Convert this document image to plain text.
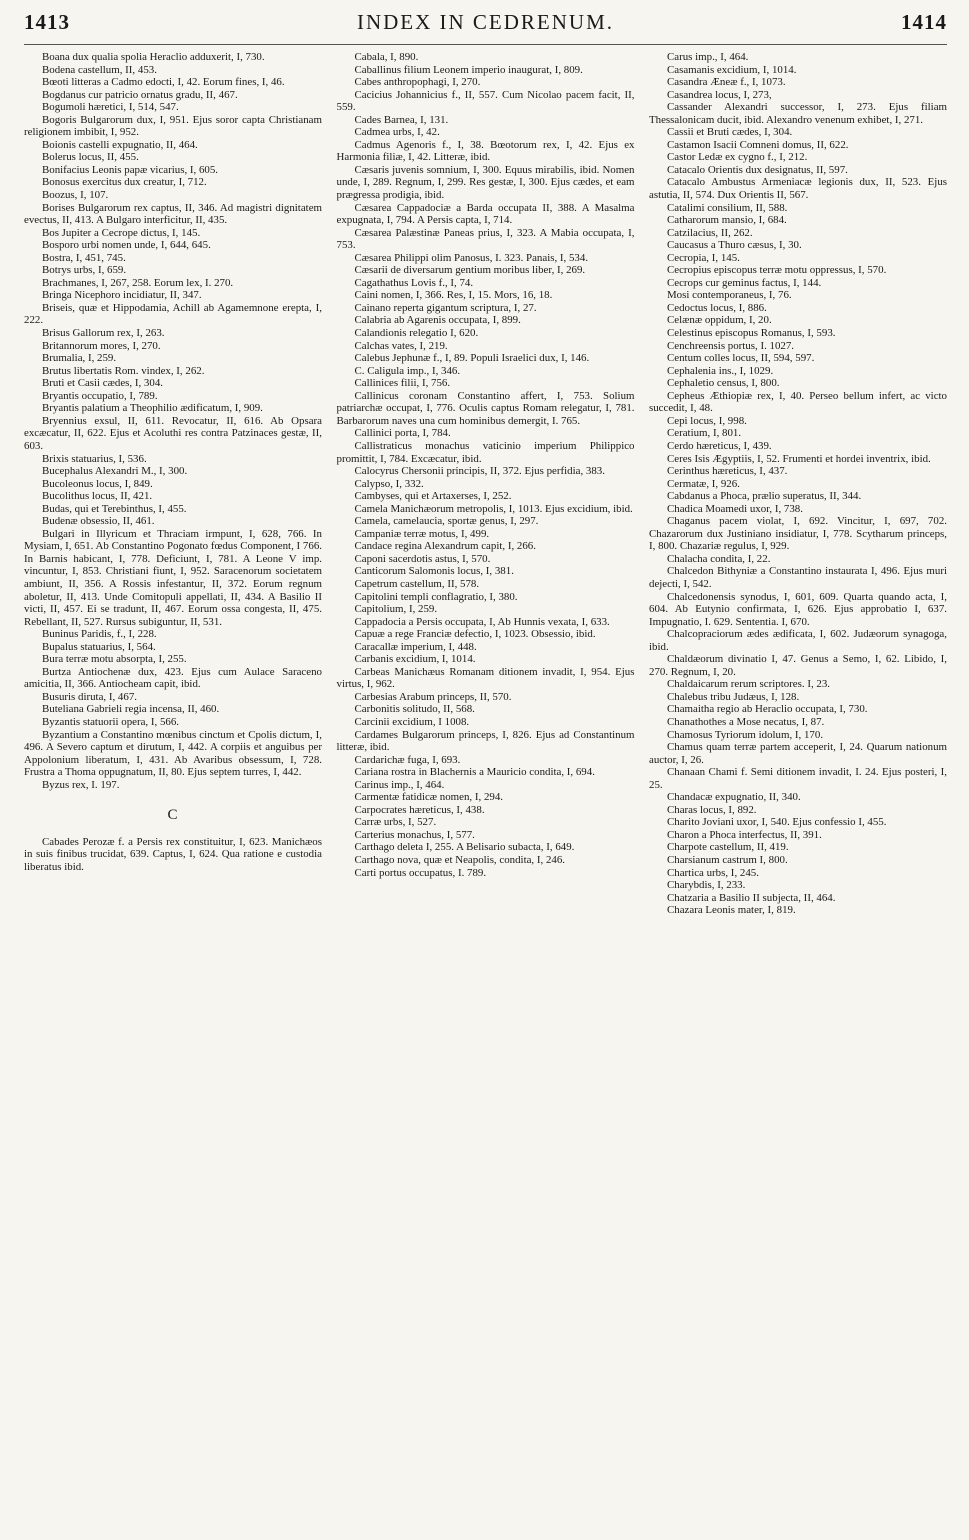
1413	INDEX IN CEDRENUM.	1414

Boana dux qualia spolia Heraclio adduxerit, I, 730.

Bodena castellum, II, 453.

Bœoti litteras a Cadmo edocti, I, 42. Eorum fines, I, 46.

Bogdanus cur patricio ornatus gradu, II, 467.

Bogumoli hæretici, I, 514, 547.

Bogoris Bulgarorum dux, I, 951. Ejus soror capta Christianam religionem imbibit, I, 952.

Boionis castelli expugnatio, II, 464.

Bolerus locus, II, 455.

Bonifacius Leonis papæ vicarius, I, 605.

Bonosus exercitus dux creatur, I, 712.

Boozus, I, 107.

Borises Bulgarorum rex captus, II, 346. Ad magistri dignitatem evectus, II, 413. A Bulgaro interficitur, II, 435.

Bos Jupiter a Cecrope dictus, I, 145.

Bosporo urbi nomen unde, I, 644, 645.

Bostra, I, 451, 745.

Botrys urbs, I, 659.

Brachmanes, I, 267, 258. Eorum lex, I. 270.

Bringa Nicephoro incidiatur, II, 347.

Briseis, quæ et Hippodamia, Achill ab Agamemnone erepta, I, 222.

Brisus Gallorum rex, I, 263.

Britannorum mores, I, 270.

Brumalia, I, 259.

Brutus libertatis Rom. vindex, I, 262.

Bruti et Casii cædes, I, 304.

Bryantis occupatio, I, 789.

Bryantis palatium a Theophilio ædificatum, I, 909.

Bryennius exsul, II, 611. Revocatur, II, 616. Ab Opsara excæcatur, II, 622. Ejus et Acoluthi res contra Patzinaces gestæ, II, 603.

Brixis statuarius, I, 536.

Bucephalus Alexandri M., I, 300.

Bucoleonus locus, I, 849.

Bucolithus locus, II, 421.

Budas, qui et Terebinthus, I, 455.

Budenæ obsessio, II, 461.

Bulgari in Illyricum et Thraciam irmpunt, I, 628, 766. In Mysiam, I, 651. Ab Constantino Pogonato fœdus Component, I 766. In Barnis habicant, I, 778. Deficiunt, I, 781. A Leone V imp. vincuntur, I, 853. Christiani fiunt, I, 952. Saracenorum societatem ambiunt, II, 356. A Rossis infestantur, II, 372. Eorum regnum aboletur, II, 413. Unde Comitopuli appellati, II, 434. A Basilio II victi, II, 457. Ei se tradunt, II, 467. Eorum ossa congesta, II, 475. Rebellant, II, 527. Rursus subiguntur, II, 531.

Buninus Paridis, f., I, 228.

Bupalus statuarius, I, 564.

Bura terræ motu absorpta, I, 255.

Burtza Antiochenæ dux, 423. Ejus cum Aulace Saraceno amicitia, II, 366. Antiocheam capit, ibid.

Busuris diruta, I, 467.

Buteliana Gabrieli regia incensa, II, 460.

Byzantis statuorii opera, I, 566.

Byzantium a Constantino mœnibus cinctum et Cpolis dictum, I, 496. A Severo captum et dirutum, I, 442. A corpiis et anguibus per Appolonium liberatum, I, 431. Ab Avaribus obsessum, I, 728. Frustra a Thoma oppugnatum, II, 80. Ejus septem turres, I, 442.

Byzus rex, I. 197.

C

Cabades Perozæ f. a Persis rex constituitur, I, 623. Manichæos in suis finibus trucidat, 639. Captus, I, 624. Qua ratione e custodia liberatus ibid.

Cabala, I, 890.

Caballinus filium Leonem imperio inaugurat, I, 809.

Cabes anthropophagi, I, 270.

Cacicius Johannicius f., II, 557. Cum Nicolao pacem facit, II, 559.

Cades Barnea, I, 131.

Cadmea urbs, I, 42.

Cadmus Agenoris f., I, 38. Bœotorum rex, I, 42. Ejus ex Harmonia filiæ, I, 42. Litteræ, ibid.

Cæsaris juvenis somnium, I, 300. Equus mirabilis, ibid. Nomen unde, I, 289. Regnum, I, 299. Res gestæ, I, 300. Ejus cædes, et eam prægressa prodigia, ibid.

Cæsarea Cappadociæ a Barda occupata II, 388. A Masalma expugnata, I, 794. A Persis capta, I, 714.

Cæsarea Palæstinæ Paneas prius, I, 323. A Mabia occupata, I, 753.

Cæsarea Philippi olim Panosus, I. 323. Panais, I, 534.

Cæsarii de diversarum gentium moribus liber, I, 269.

Cagathathus Lovis f., I, 74.

Caini nomen, I, 366. Res, I, 15. Mors, 16, 18.

Cainano reperta gigantum scriptura, I, 27.

Calabria ab Agarenis occupata, I, 899.

Calandionis relegatio I, 620.

Calchas vates, I, 219.

Calebus Jephunæ f., I, 89. Populi Israelici dux, I, 146.

C. Caligula imp., I, 346.

Callinices filii, I, 756.

Callinicus coronam Constantino affert, I, 753. Solium patriarchæ occupat, I, 776. Oculis captus Romam relegatur, I, 781. Barbarorum naves una cum hominibus demergit, I. 765.

Callinici porta, I, 784.

Callistraticus monachus vaticinio imperium Philippico promittit, I, 784. Excæcatur, ibid.

Calocyrus Chersonii principis, II, 372. Ejus perfidia, 383.

Calypso, I, 332.

Cambyses, qui et Artaxerses, I, 252.

Camela Manichæorum metropolis, I, 1013. Ejus excidium, ibid.

Camela, camelaucia, sportæ genus, I, 297.

Campaniæ terræ motus, I, 499.

Candace regina Alexandrum capit, I, 266.

Caponi sacerdotis astus, I, 570.

Canticorum Salomonis locus, I, 381.

Capetrum castellum, II, 578.

Capitolini templi conflagratio, I, 380.

Capitolium, I, 259.

Cappadocia a Persis occupata, I, Ab Hunnis vexata, I, 633.

Capuæ a rege Franciæ defectio, I, 1023. Obsessio, ibid.

Caracallæ imperium, I, 448.

Carbanis excidium, I, 1014.

Carbeas Manichæus Romanam ditionem invadit, I, 954. Ejus virtus, I, 962.

Carbesias Arabum princeps, II, 570.

Carbonitis solitudo, II, 568.

Carcinii excidium, I 1008.

Cardames Bulgarorum princeps, I, 826. Ejus ad Constantinum litteræ, ibid.

Cardarichæ fuga, I, 693.

Cariana rostra in Blachernis a Mauricio condita, I, 694.

Carinus imp., I, 464.

Carmentæ fatidicæ nomen, I, 294.

Carpocrates hæreticus, I, 438.

Carræ urbs, I, 527.

Carterius monachus, I, 577.

Carthago deleta I, 255. A Belisario subacta, I, 649.

Carthago nova, quæ et Neapolis, condita, I, 246.

Carti portus occupatus, I. 789.

Carus imp., I, 464.

Casamanis excidium, I, 1014.

Casandra Æneæ f., I, 1073.

Casandrea locus, I, 273,

Cassander Alexandri successor, I, 273. Ejus filiam Thessalonicam ducit, ibid. Alexandro venenum exhibet, I, 271.

Cassii et Bruti cædes, I, 304.

Castamon Isacii Comneni domus, II, 622.

Castor Ledæ ex cygno f., I, 212.

Catacalo Orientis dux designatus, II, 597.

Catacalo Ambustus Armeniacæ legionis dux, II, 523. Ejus astutia, II, 574. Dux Orientis II, 567.

Catalimi consilium, II, 588.

Catharorum mansio, I, 684.

Catzilacius, II, 262.

Caucasus a Thuro cæsus, I, 30.

Cecropia, I, 145.

Cecropius episcopus terræ motu oppressus, I, 570.

Cecrops cur geminus factus, I, 144.

Mosi contemporaneus, I, 76.

Cedoctus locus, I, 886.

Celænæ oppidum, I, 20.

Celestinus episcopus Romanus, I, 593.

Cenchreensis portus, I. 1027.

Centum colles locus, II, 594, 597.

Cephalenia ins., I, 1029.

Cephaletio census, I, 800.

Cepheus Æthiopiæ rex, I, 40. Perseo bellum infert, ac victo succedit, I, 48.

Cepi locus, I, 998.

Ceratium, I, 801.

Cerdo hæreticus, I, 439.

Ceres Isis Ægyptiis, I, 52. Frumenti et hordei inventrix, ibid.

Cerinthus hæreticus, I, 437.

Cermatæ, I, 926.

Cabdanus a Phoca, prælio superatus, II, 344.

Chadica Moamedi uxor, I, 738.

Chaganus pacem violat, I, 692. Vincitur, I, 697, 702. Chazarorum dux Justiniano insidiatur, I, 778. Scytharum princeps, I, 800. Chazariæ regulus, I, 929.

Chalacha condita, I, 22.

Chalcedon Bithyniæ a Constantino instaurata I, 496. Ejus muri dejecti, I, 542.

Chalcedonensis synodus, I, 601, 609. Quarta quando acta, I, 604. Ab Eutynio confirmata, I, 626. Ejus approbatio I, 637. Impugnatio, I. 629. Sententia. I, 670.

Chalcopraciorum ædes ædificata, I, 602. Judæorum synagoga, ibid.

Chaldæorum divinatio I, 47. Genus a Semo, I, 62. Libido, I, 270. Regnum, I, 20.

Chaldaicarum rerum scriptores. I, 23.

Chalebus tribu Judæus, I, 128.

Chamaitha regio ab Heraclio occupata, I, 730.

Chanathothes a Mose necatus, I, 87.

Chamosus Tyriorum idolum, I, 170.

Chamus quam terræ partem acceperit, I, 24. Quarum nationum auctor, I, 26.

Chanaan Chami f. Semi ditionem invadit, I. 24. Ejus posteri, I, 25.

Chandacæ expugnatio, II, 340.

Charas locus, I, 892.

Charito Joviani uxor, I, 540. Ejus confessio I, 455.

Charon a Phoca interfectus, II, 391.

Charpote castellum, II, 419.

Charsianum castrum I, 800.

Chartica urbs, I, 245.

Charybdis, I, 233.

Chatzaria a Basilio II subjecta, II, 464.

Chazara Leonis mater, I, 819.
